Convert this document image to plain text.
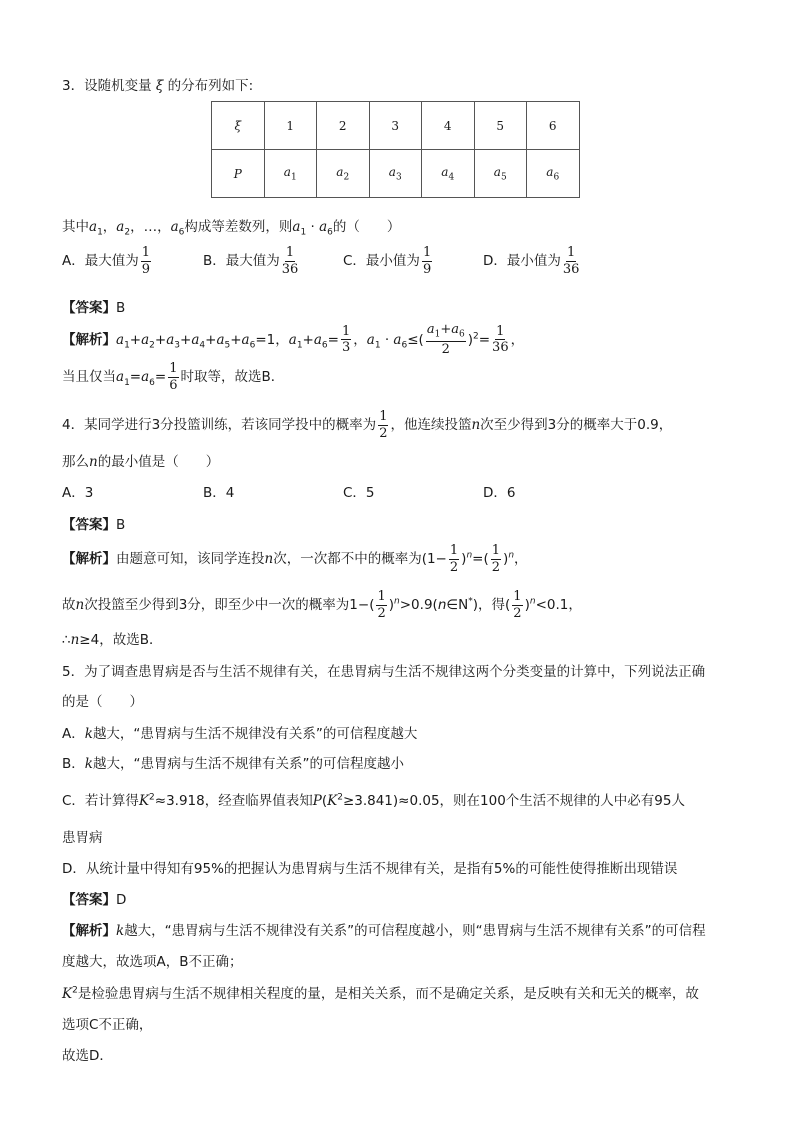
3．设随机变量 ξ 的分布列如下:
ξ	1	2	3	4	5	6
P	$a_1$	$a_2$	$a_3$	$a_4$	$a_5$	$a_6$
其中$a_1$，$a_2$，…，$a_6$构成等差数列，则$a_1 \cdot a_6$的（　　）
A．最大值为 $\frac{1}{9}$	B．最大值为 $\frac{1}{36}$	C．最小值为 $\frac{1}{9}$	D．最小值为 $\frac{1}{36}$
【答案】B
【解析】$a_1+a_2+a_3+a_4+a_5+a_6=1$，$a_1+a_6= \frac{1}{3}$ ，$a_1 \cdot a_6\le( \frac{a_1+a_6}{2} )^2= \frac{1}{36}$ ，
当且仅当$a_1=a_6= \frac{1}{6}$ 时取等，故选B．
4．某同学进行3分投篮训练，若该同学投中的概率为 $\frac{1}{2}$ ，他连续投篮n次至少得到3分的概率大于0.9，
那么n的最小值是（　　）
A．3	B．4	C．5	D．6
【答案】B
【解析】由题意可知，该同学连投n次，一次都不中的概率为$(1- \frac{1}{2} )^n=( \frac{1}{2} )^n$，
故n次投篮至少得到3分，即至少中一次的概率为$1-( \frac{1}{2}$ )$^n>0.9(n\in N^*)$，得( $\frac{1}{2} )^n<0.1$，
∴n≥4，故选B．
5．为了调查患胃病是否与生活不规律有关，在患胃病与生活不规律这两个分类变量的计算中，下列说法正确
的是（　　）
A．k越大，“患胃病与生活不规律没有关系”的可信程度越大
B．k越大，“患胃病与生活不规律有关系”的可信程度越小
C．若计算得$K^2\approx 3.918$，经查临界值表知$P(K^2\ge 3.841)\approx 0.05$，则在100个生活不规律的人中必有95人
患胃病
D．从统计量中得知有95%的把握认为患胃病与生活不规律有关，是指有5%的可能性使得推断出现错误
【答案】D
【解析】k越大，“患胃病与生活不规律没有关系”的可信程度越小，则“患胃病与生活不规律有关系”的可信程
度越大，故选项A，B不正确；
$K^2$是检验患胃病与生活不规律相关程度的量，是相关关系，而不是确定关系，是反映有关和无关的概率，故
选项C不正确，
故选D．
